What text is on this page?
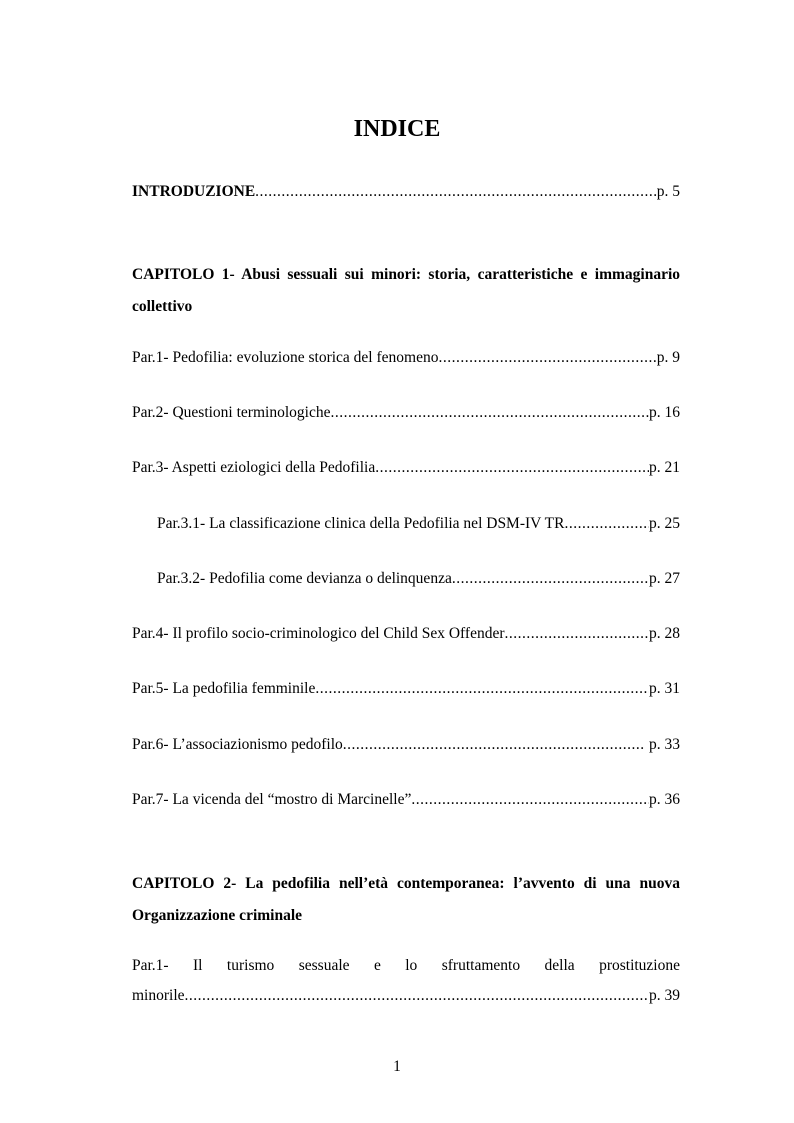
INDICE
INTRODUZIONE .....	p. 5
CAPITOLO 1- Abusi sessuali sui minori: storia, caratteristiche e immaginario
collettivo
Par.1- Pedofilia: evoluzione storica del fenomeno .....	p. 9
Par.2- Questioni terminologiche .....	p. 16
Par.3- Aspetti eziologici della Pedofilia .....	p. 21
Par.3.1- La classificazione clinica della Pedofilia nel DSM-IV TR .....	p. 25
Par.3.2- Pedofilia come devianza o delinquenza .....	p. 27
Par.4- Il profilo socio-criminologico del Child Sex Offender .....	p. 28
Par.5- La pedofilia femminile .....	p. 31
Par.6- L’associazionismo pedofilo .....	p. 33
Par.7- La vicenda del “mostro di Marcinelle” .....	p. 36
CAPITOLO 2- La pedofilia nell’età contemporanea: l’avvento di una nuova
Organizzazione criminale
Par.1- Il turismo sessuale e lo sfruttamento della prostituzione
minorile .....	p. 39
1
